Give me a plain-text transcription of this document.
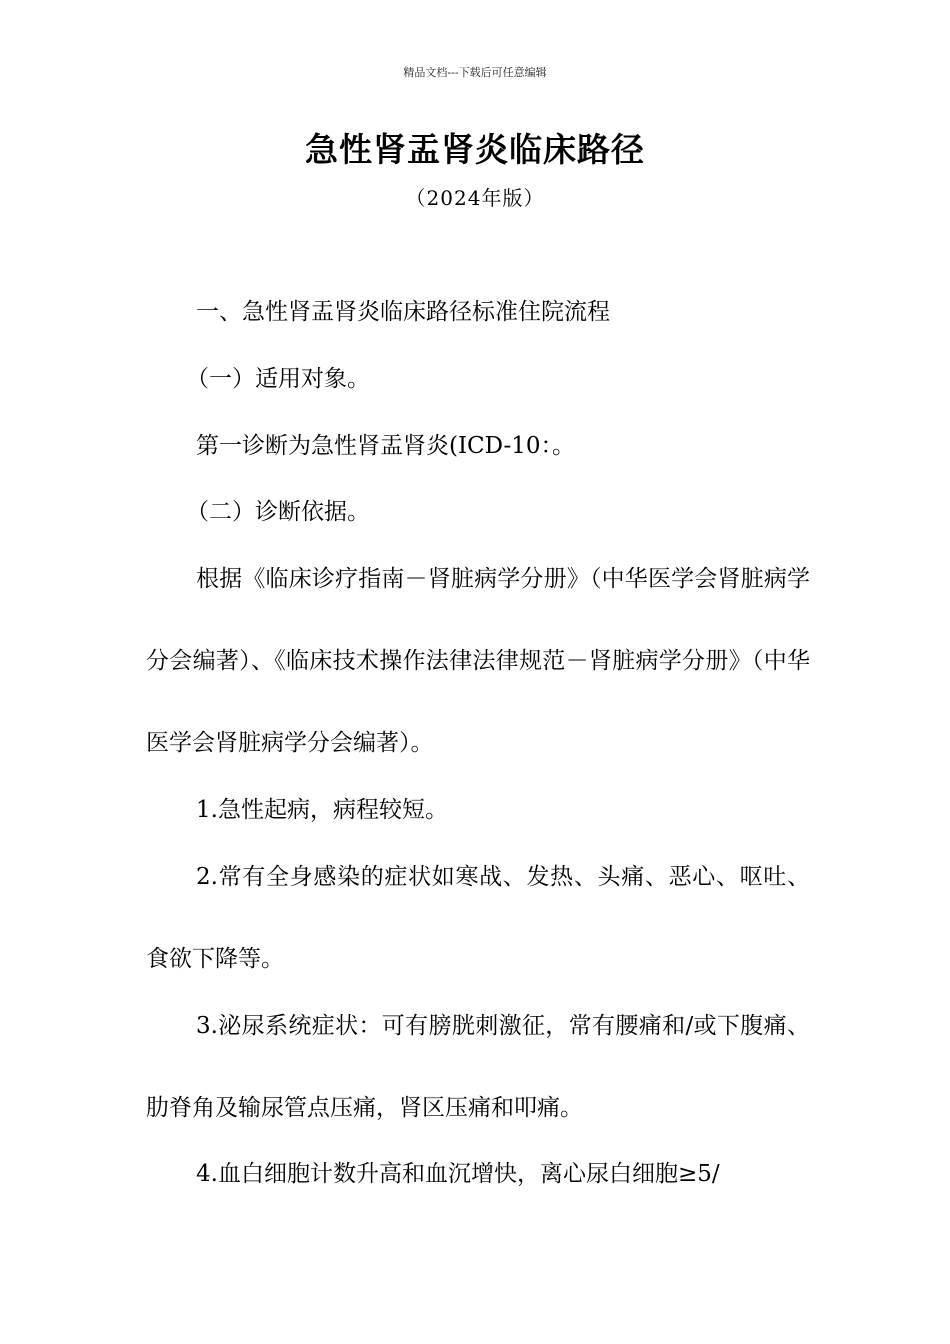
精品文档---下载后可任意编辑
急性肾盂肾炎临床路径
（2024年版）

一、急性肾盂肾炎临床路径标准住院流程

（一）适用对象。

第一诊断为急性肾盂肾炎(ICD-10：。

（二）诊断依据。

根据《临床诊疗指南－肾脏病学分册》（中华医学会肾脏病学分会编著）、《临床技术操作法律法律规范－肾脏病学分册》（中华医学会肾脏病学分会编著）。

1.急性起病，病程较短。

2.常有全身感染的症状如寒战、发热、头痛、恶心、呕吐、食欲下降等。

3.泌尿系统症状：可有膀胱刺激征，常有腰痛和/或下腹痛、肋脊角及输尿管点压痛，肾区压痛和叩痛。

4.血白细胞计数升高和血沉增快，离心尿白细胞≥5/
